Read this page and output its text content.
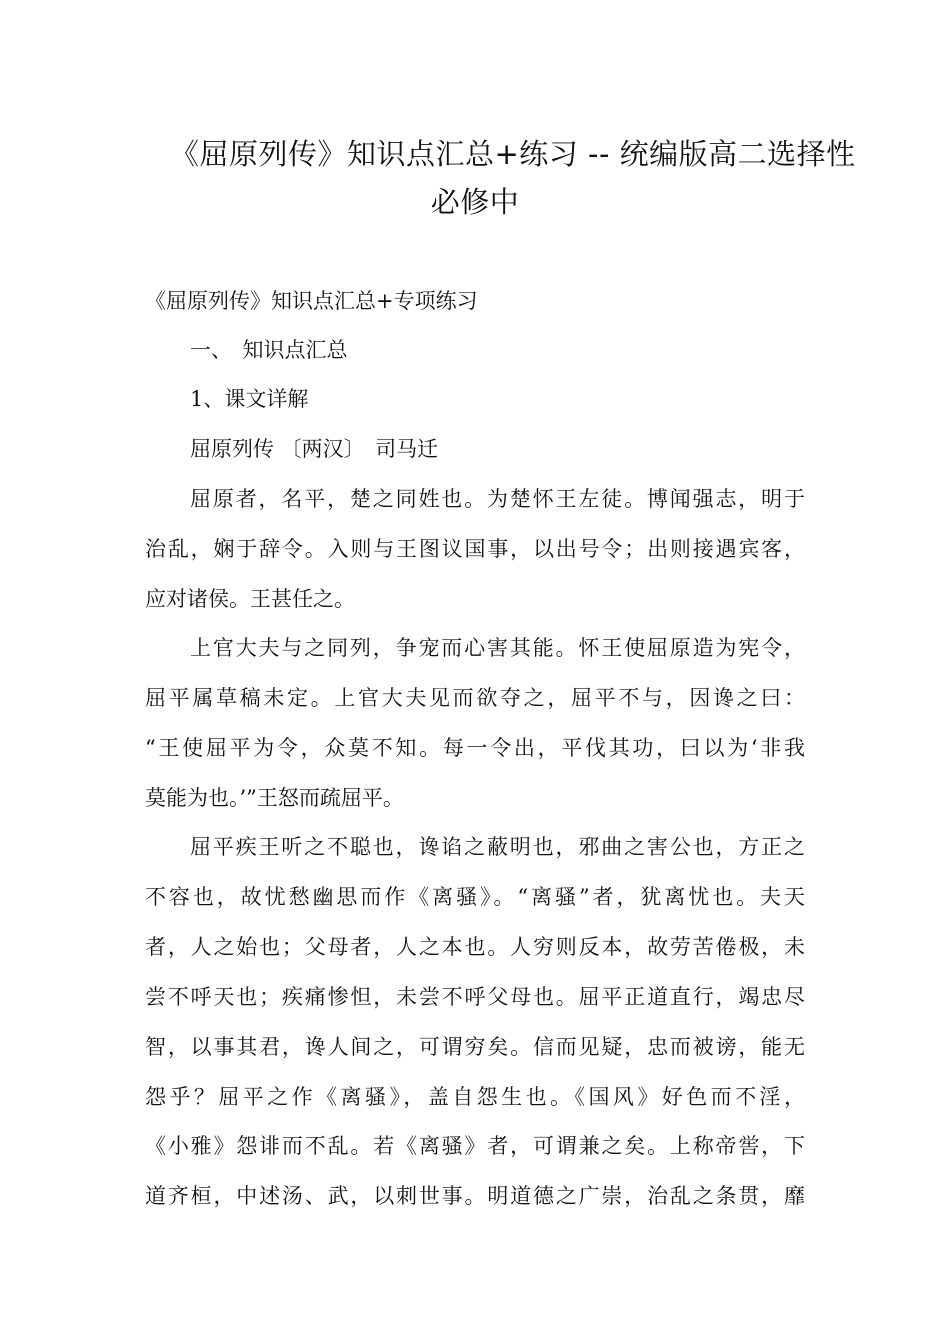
《屈原列传》知识点汇总+练习 -- 统编版高二选择性
必修中
《屈原列传》知识点汇总+专项练习
一、　知识点汇总
1、课文详解
屈原列传 〔两汉〕　司马迁
屈原者，名平，楚之同姓也。为楚怀王左徒。博闻强志，明于
治乱，娴于辞令。入则与王图议国事，以出号令；出则接遇宾客，
应对诸侯。王甚任之。
上官大夫与之同列，争宠而心害其能。怀王使屈原造为宪令，
屈平属草稿未定。上官大夫见而欲夺之，屈平不与，因谗之曰：
“王使屈平为令，众莫不知。每一令出，平伐其功，曰以为‘非我
莫能为也。’”王怒而疏屈平。
屈平疾王听之不聪也，谗谄之蔽明也，邪曲之害公也，方正之
不容也，故忧愁幽思而作《离骚》。“离骚”者，犹离忧也。夫天
者，人之始也；父母者，人之本也。人穷则反本，故劳苦倦极，未
尝不呼天也；疾痛惨怛，未尝不呼父母也。屈平正道直行，竭忠尽
智，以事其君，谗人间之，可谓穷矣。信而见疑，忠而被谤，能无
怨乎？屈平之作《离骚》，盖自怨生也。《国风》好色而不淫，
《小雅》怨诽而不乱。若《离骚》者，可谓兼之矣。上称帝喾，下
道齐桓，中述汤、武，以刺世事。明道德之广崇，治乱之条贯，靡
